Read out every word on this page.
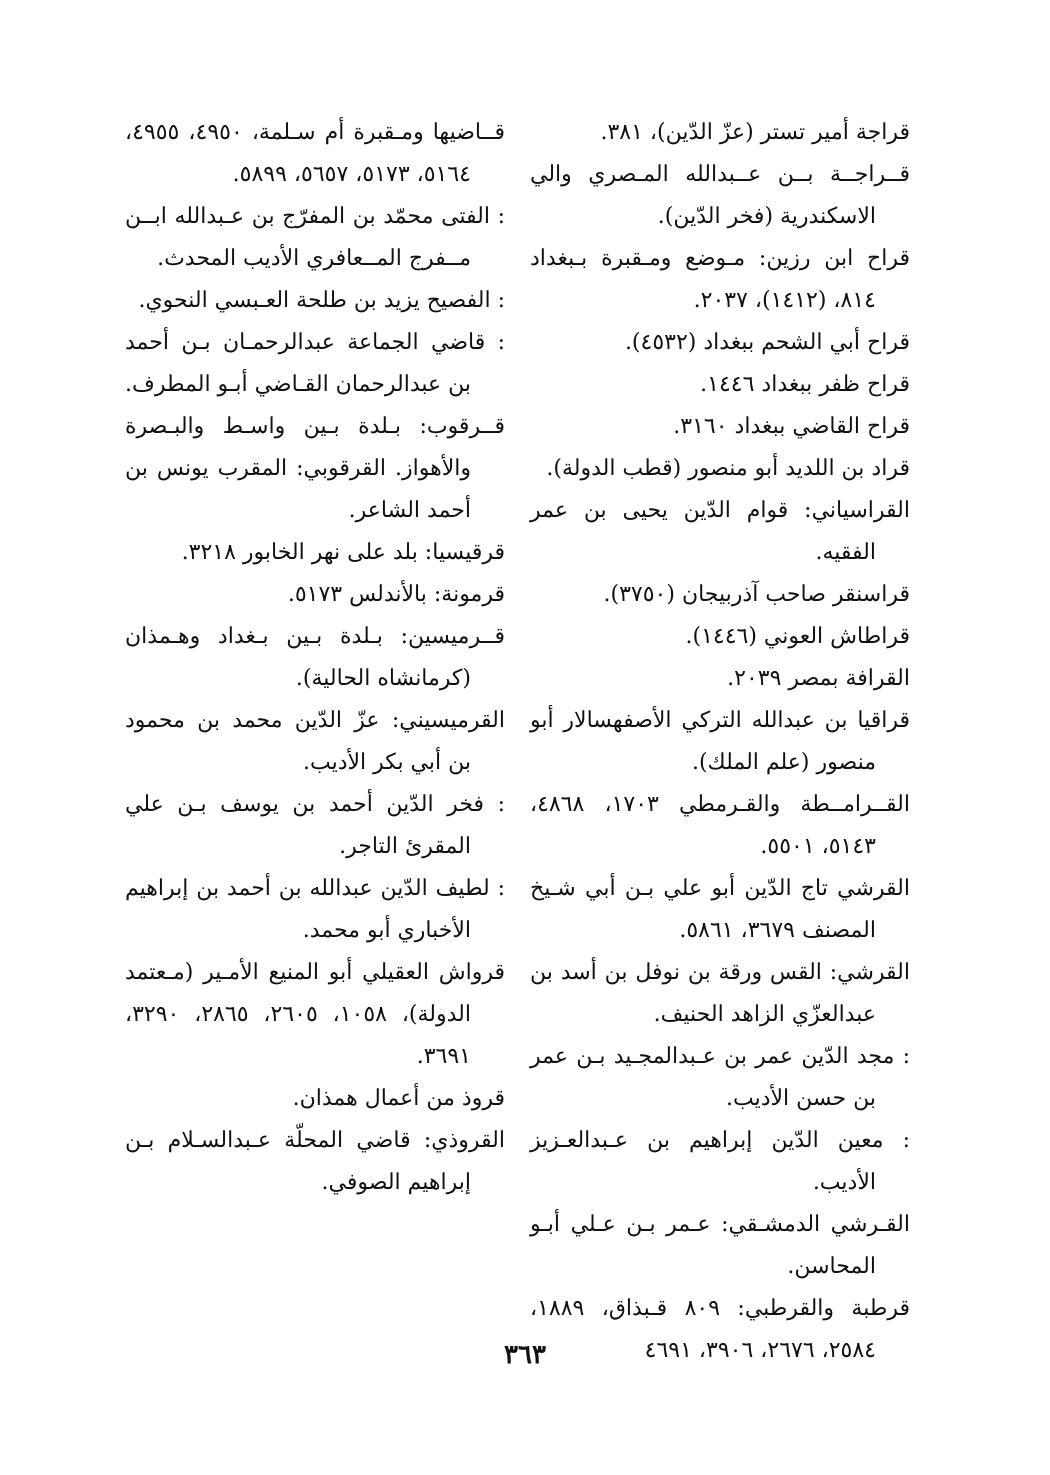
قراجة أمير تستر (عزّ الدّين)، ٣٨١.

قــراجــة بــن عــبدالله المـصري والي الاسكندرية (فخر الدّين).

قراح ابن رزين: مـوضع ومـقبرة بـبغداد ٨١٤، (١٤١٢)، ٢٠٣٧.

قراح أبي الشحم ببغداد (٤٥٣٢).

قراح ظفر ببغداد ١٤٤٦.

قراح القاضي ببغداد ٣١٦٠.

قراد بن اللديد أبو منصور (قطب الدولة).

القراسياني: قوام الدّين يحيى بن عمر الفقيه.

قراسنقر صاحب آذربيجان (٣٧٥٠).

قراطاش العوني (١٤٤٦).

القرافة بمصر ٢٠٣٩.

قراقيا بن عبدالله التركي الأصفهسالار أبو منصور (علم الملك).

القــرامــطة والقـرمطي ١٧٠٣، ٤٨٦٨، ٥١٤٣، ٥٥٠١.

القرشي تاج الدّين أبو علي بـن أبي شـيخ المصنف ٣٦٧٩، ٥٨٦١.

القرشي: القس ورقة بن نوفل بن أسد بن عبدالعزّي الزاهد الحنيف.

: مجد الدّين عمر بن عـبدالمجـيد بـن عمر بن حسن الأديب.

: معين الدّين إبراهيم بن عـبدالعـزيز الأديب.

القـرشي الدمشـقي: عـمر بـن عـلي أبـو المحاسن.

قرطبة والقرطبي: ٨٠٩ قـبذاق، ١٨٨٩، ٢٥٨٤، ٢٦٧٦، ٣٩٠٦، ٤٦٩١

قــاضيها ومـقبرة أم سـلمة، ٤٩٥٠، ٤٩٥٥، ٥١٦٤، ٥١٧٣، ٥٦٥٧، ٥٨٩٩.

: الفتى محمّد بن المفرّج بن عـبدالله ابــن مــفرج المــعافري الأديب المحدث.

: الفصيح يزيد بن طلحة العـبسي النحوي.

: قاضي الجماعة عبدالرحمـان بـن أحمد بن عبدالرحمان القـاضي أبـو المطرف.

قــرقوب: بـلدة بـين واسـط والبـصرة والأهواز. القرقوبي: المقرب يونس بن أحمد الشاعر.

قرقيسيا: بلد على نهر الخابور ٣٢١٨.

قرمونة: بالأندلس ٥١٧٣.

قــرميسين: بـلدة بـين بـغداد وهـمذان (كرمانشاه الحالية).

القرميسيني: عزّ الدّين محمد بن محمود بن أبي بكر الأديب.

: فخر الدّين أحمد بن يوسف بـن علي المقرئ التاجر.

: لطيف الدّين عبدالله بن أحمد بن إبراهيم الأخباري أبو محمد.

قرواش العقيلي أبو المنيع الأمـير (مـعتمد الدولة)، ١٠٥٨، ٢٦٠٥، ٢٨٦٥، ٣٢٩٠، ٣٦٩١.

قروذ من أعمال همذان.

القروذي: قاضي المحلّة عـبدالسـلام بـن إبراهيم الصوفي.

٣٦٣
